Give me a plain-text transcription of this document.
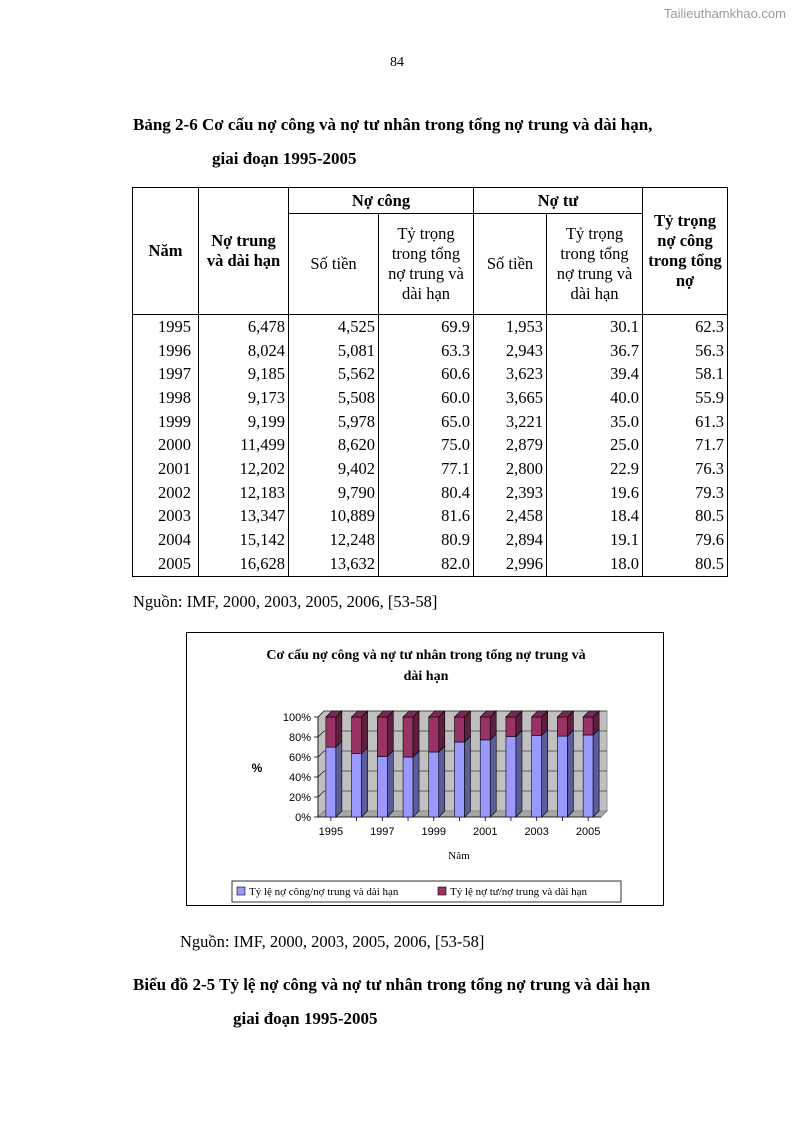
Tailieuthamkhao.com
84
Bảng 2-6 Cơ cấu nợ công và nợ tư nhân trong tổng nợ trung và dài hạn,
giai đoạn 1995-2005
Năm	Nợ trung và dài hạn	Nợ công		Nợ tư		Tỷ trọng nợ công trong tổng nợ
		Số tiền	Tỷ trọng trong tổng nợ trung và dài hạn	Số tiền	Tỷ trọng trong tổng nợ trung và dài hạn	
1995	6,478	4,525	69.9	1,953	30.1	62.3
1996	8,024	5,081	63.3	2,943	36.7	56.3
1997	9,185	5,562	60.6	3,623	39.4	58.1
1998	9,173	5,508	60.0	3,665	40.0	55.9
1999	9,199	5,978	65.0	3,221	35.0	61.3
2000	11,499	8,620	75.0	2,879	25.0	71.7
2001	12,202	9,402	77.1	2,800	22.9	76.3
2002	12,183	9,790	80.4	2,393	19.6	79.3
2003	13,347	10,889	81.6	2,458	18.4	80.5
2004	15,142	12,248	80.9	2,894	19.1	79.6
2005	16,628	13,632	82.0	2,996	18.0	80.5
Nguồn: IMF, 2000, 2003, 2005, 2006, [53-58]
Cơ cấu nợ công và nợ tư nhân trong tổng nợ trung và
dài hạn
0%
20%
40%
60%
80%
100%
%
Năm
1995 1997 1999 2001 2003 2005
Tỷ lệ nợ công/nợ trung và dài hạn	Tỷ lệ nợ tư/nợ trung và dài hạn
Nguồn: IMF, 2000, 2003, 2005, 2006, [53-58]
Biểu đồ 2-5 Tỷ lệ nợ công và nợ tư nhân trong tổng nợ trung và dài hạn
giai đoạn 1995-2005
